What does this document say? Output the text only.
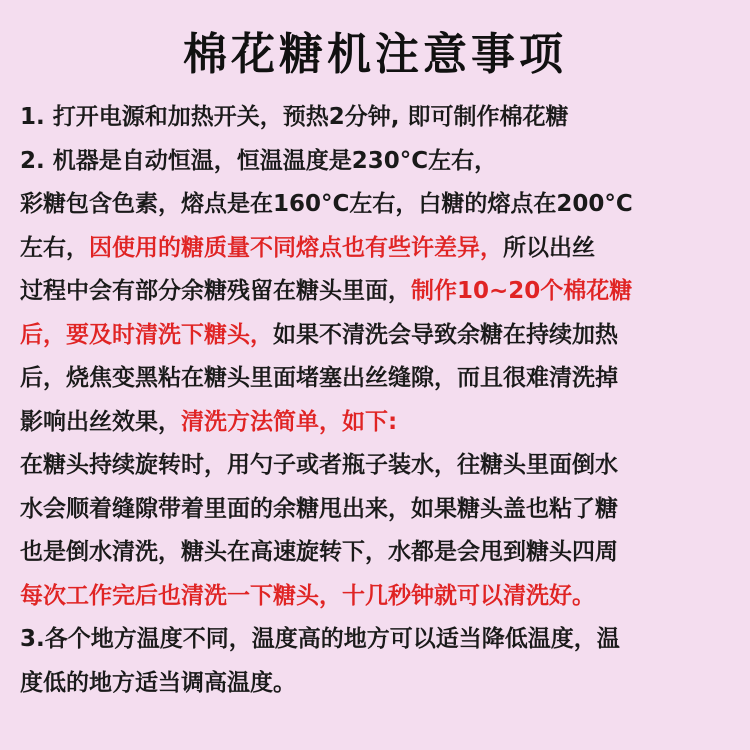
棉花糖机注意事项
1. 打开电源和加热开关，预热2分钟, 即可制作棉花糖
2. 机器是自动恒温，恒温温度是230°C左右，
彩糖包含色素，熔点是在160°C左右，白糖的熔点在200°C
左右，因使用的糖质量不同熔点也有些许差异，所以出丝
过程中会有部分余糖残留在糖头里面，制作10~20个棉花糖
后，要及时清洗下糖头，如果不清洗会导致余糖在持续加热
后，烧焦变黑粘在糖头里面堵塞出丝缝隙，而且很难清洗掉
影响出丝效果，清洗方法简单，如下:
在糖头持续旋转时，用勺子或者瓶子装水，往糖头里面倒水
水会顺着缝隙带着里面的余糖甩出来，如果糖头盖也粘了糖
也是倒水清洗，糖头在高速旋转下，水都是会甩到糖头四周
每次工作完后也清洗一下糖头，十几秒钟就可以清洗好。
3.各个地方温度不同，温度高的地方可以适当降低温度，温
度低的地方适当调高温度。
